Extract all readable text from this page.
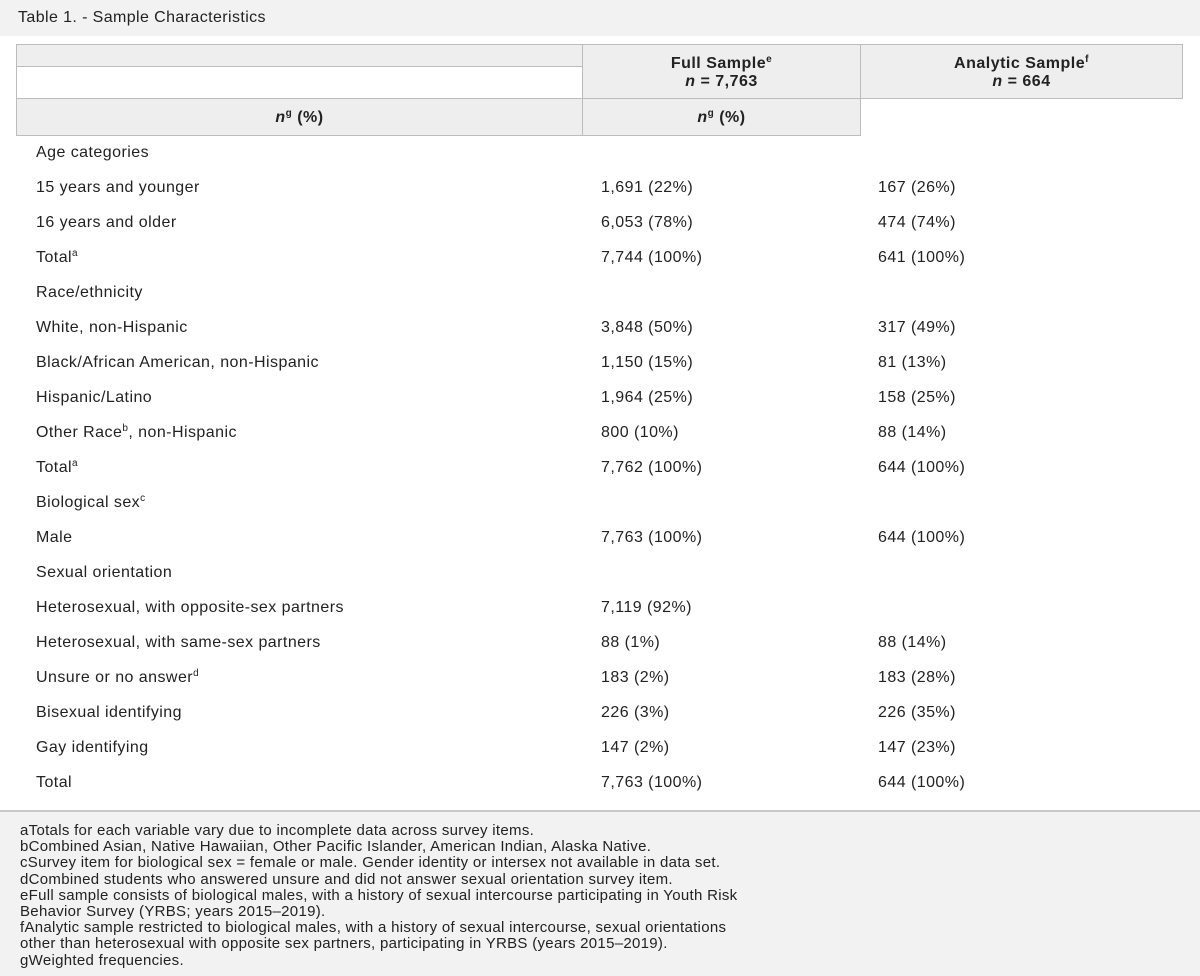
Table 1. - Sample Characteristics
Full Sample$^e$
n = 7,763
Analytic Sample$^f$
n = 664
$n^g$ (%)	$n^g$ (%)
Age categories
15 years and younger	1,691 (22%)	167 (26%)
16 years and older	6,053 (78%)	474 (74%)
Total$^a$	7,744 (100%)	641 (100%)
Race/ethnicity
White, non-Hispanic	3,848 (50%)	317 (49%)
Black/African American, non-Hispanic	1,150 (15%)	81 (13%)
Hispanic/Latino	1,964 (25%)	158 (25%)
Other Race$^b$, non-Hispanic	800 (10%)	88 (14%)
Total$^a$	7,762 (100%)	644 (100%)
Biological sex$^c$
Male	7,763 (100%)	644 (100%)
Sexual orientation
Heterosexual, with opposite-sex partners	7,119 (92%)
Heterosexual, with same-sex partners	88 (1%)	88 (14%)
Unsure or no answer$^d$	183 (2%)	183 (28%)
Bisexual identifying	226 (3%)	226 (35%)
Gay identifying	147 (2%)	147 (23%)
Total	7,763 (100%)	644 (100%)
aTotals for each variable vary due to incomplete data across survey items.
bCombined Asian, Native Hawaiian, Other Pacific Islander, American Indian, Alaska Native.
cSurvey item for biological sex = female or male. Gender identity or intersex not available in data set.
dCombined students who answered unsure and did not answer sexual orientation survey item.
eFull sample consists of biological males, with a history of sexual intercourse participating in Youth Risk
Behavior Survey (YRBS; years 2015–2019).
fAnalytic sample restricted to biological males, with a history of sexual intercourse, sexual orientations
other than heterosexual with opposite sex partners, participating in YRBS (years 2015–2019).
gWeighted frequencies.
